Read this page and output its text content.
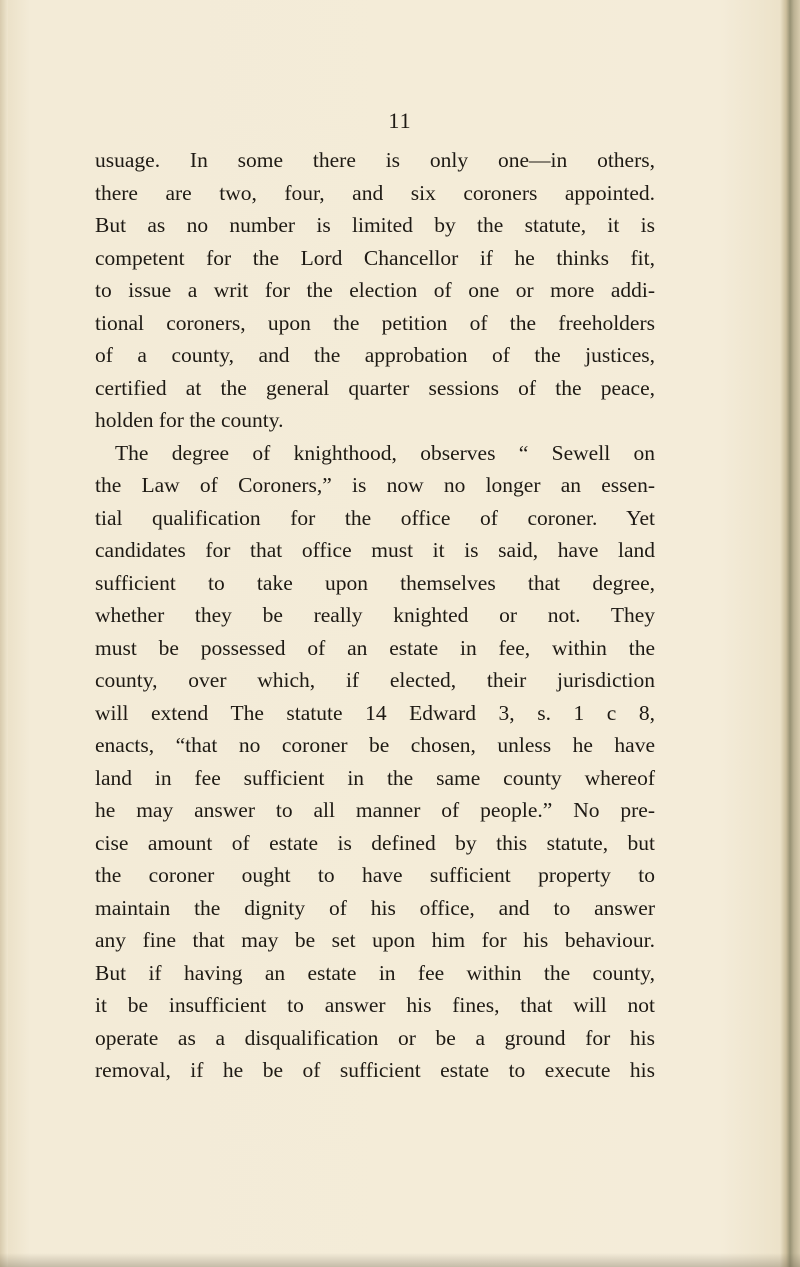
11
usuage. In some there is only one—in others,
there are two, four, and six coroners appointed.
But as no number is limited by the statute, it is
competent for the Lord Chancellor if he thinks fit,
to issue a writ for the election of one or more addi-
tional coroners, upon the petition of the freeholders
of a county, and the approbation of the justices,
certified at the general quarter sessions of the peace,
holden for the county.
The degree of knighthood, observes “ Sewell on
the Law of Coroners,” is now no longer an essen-
tial qualification for the office of coroner. Yet
candidates for that office must it is said, have land
sufficient to take upon themselves that degree,
whether they be really knighted or not. They
must be possessed of an estate in fee, within the
county, over which, if elected, their jurisdiction
will extend The statute 14 Edward 3, s. 1 c 8,
enacts, “that no coroner be chosen, unless he have
land in fee sufficient in the same county whereof
he may answer to all manner of people.” No pre-
cise amount of estate is defined by this statute, but
the coroner ought to have sufficient property to
maintain the dignity of his office, and to answer
any fine that may be set upon him for his behaviour.
But if having an estate in fee within the county,
it be insufficient to answer his fines, that will not
operate as a disqualification or be a ground for his
removal, if he be of sufficient estate to execute his
